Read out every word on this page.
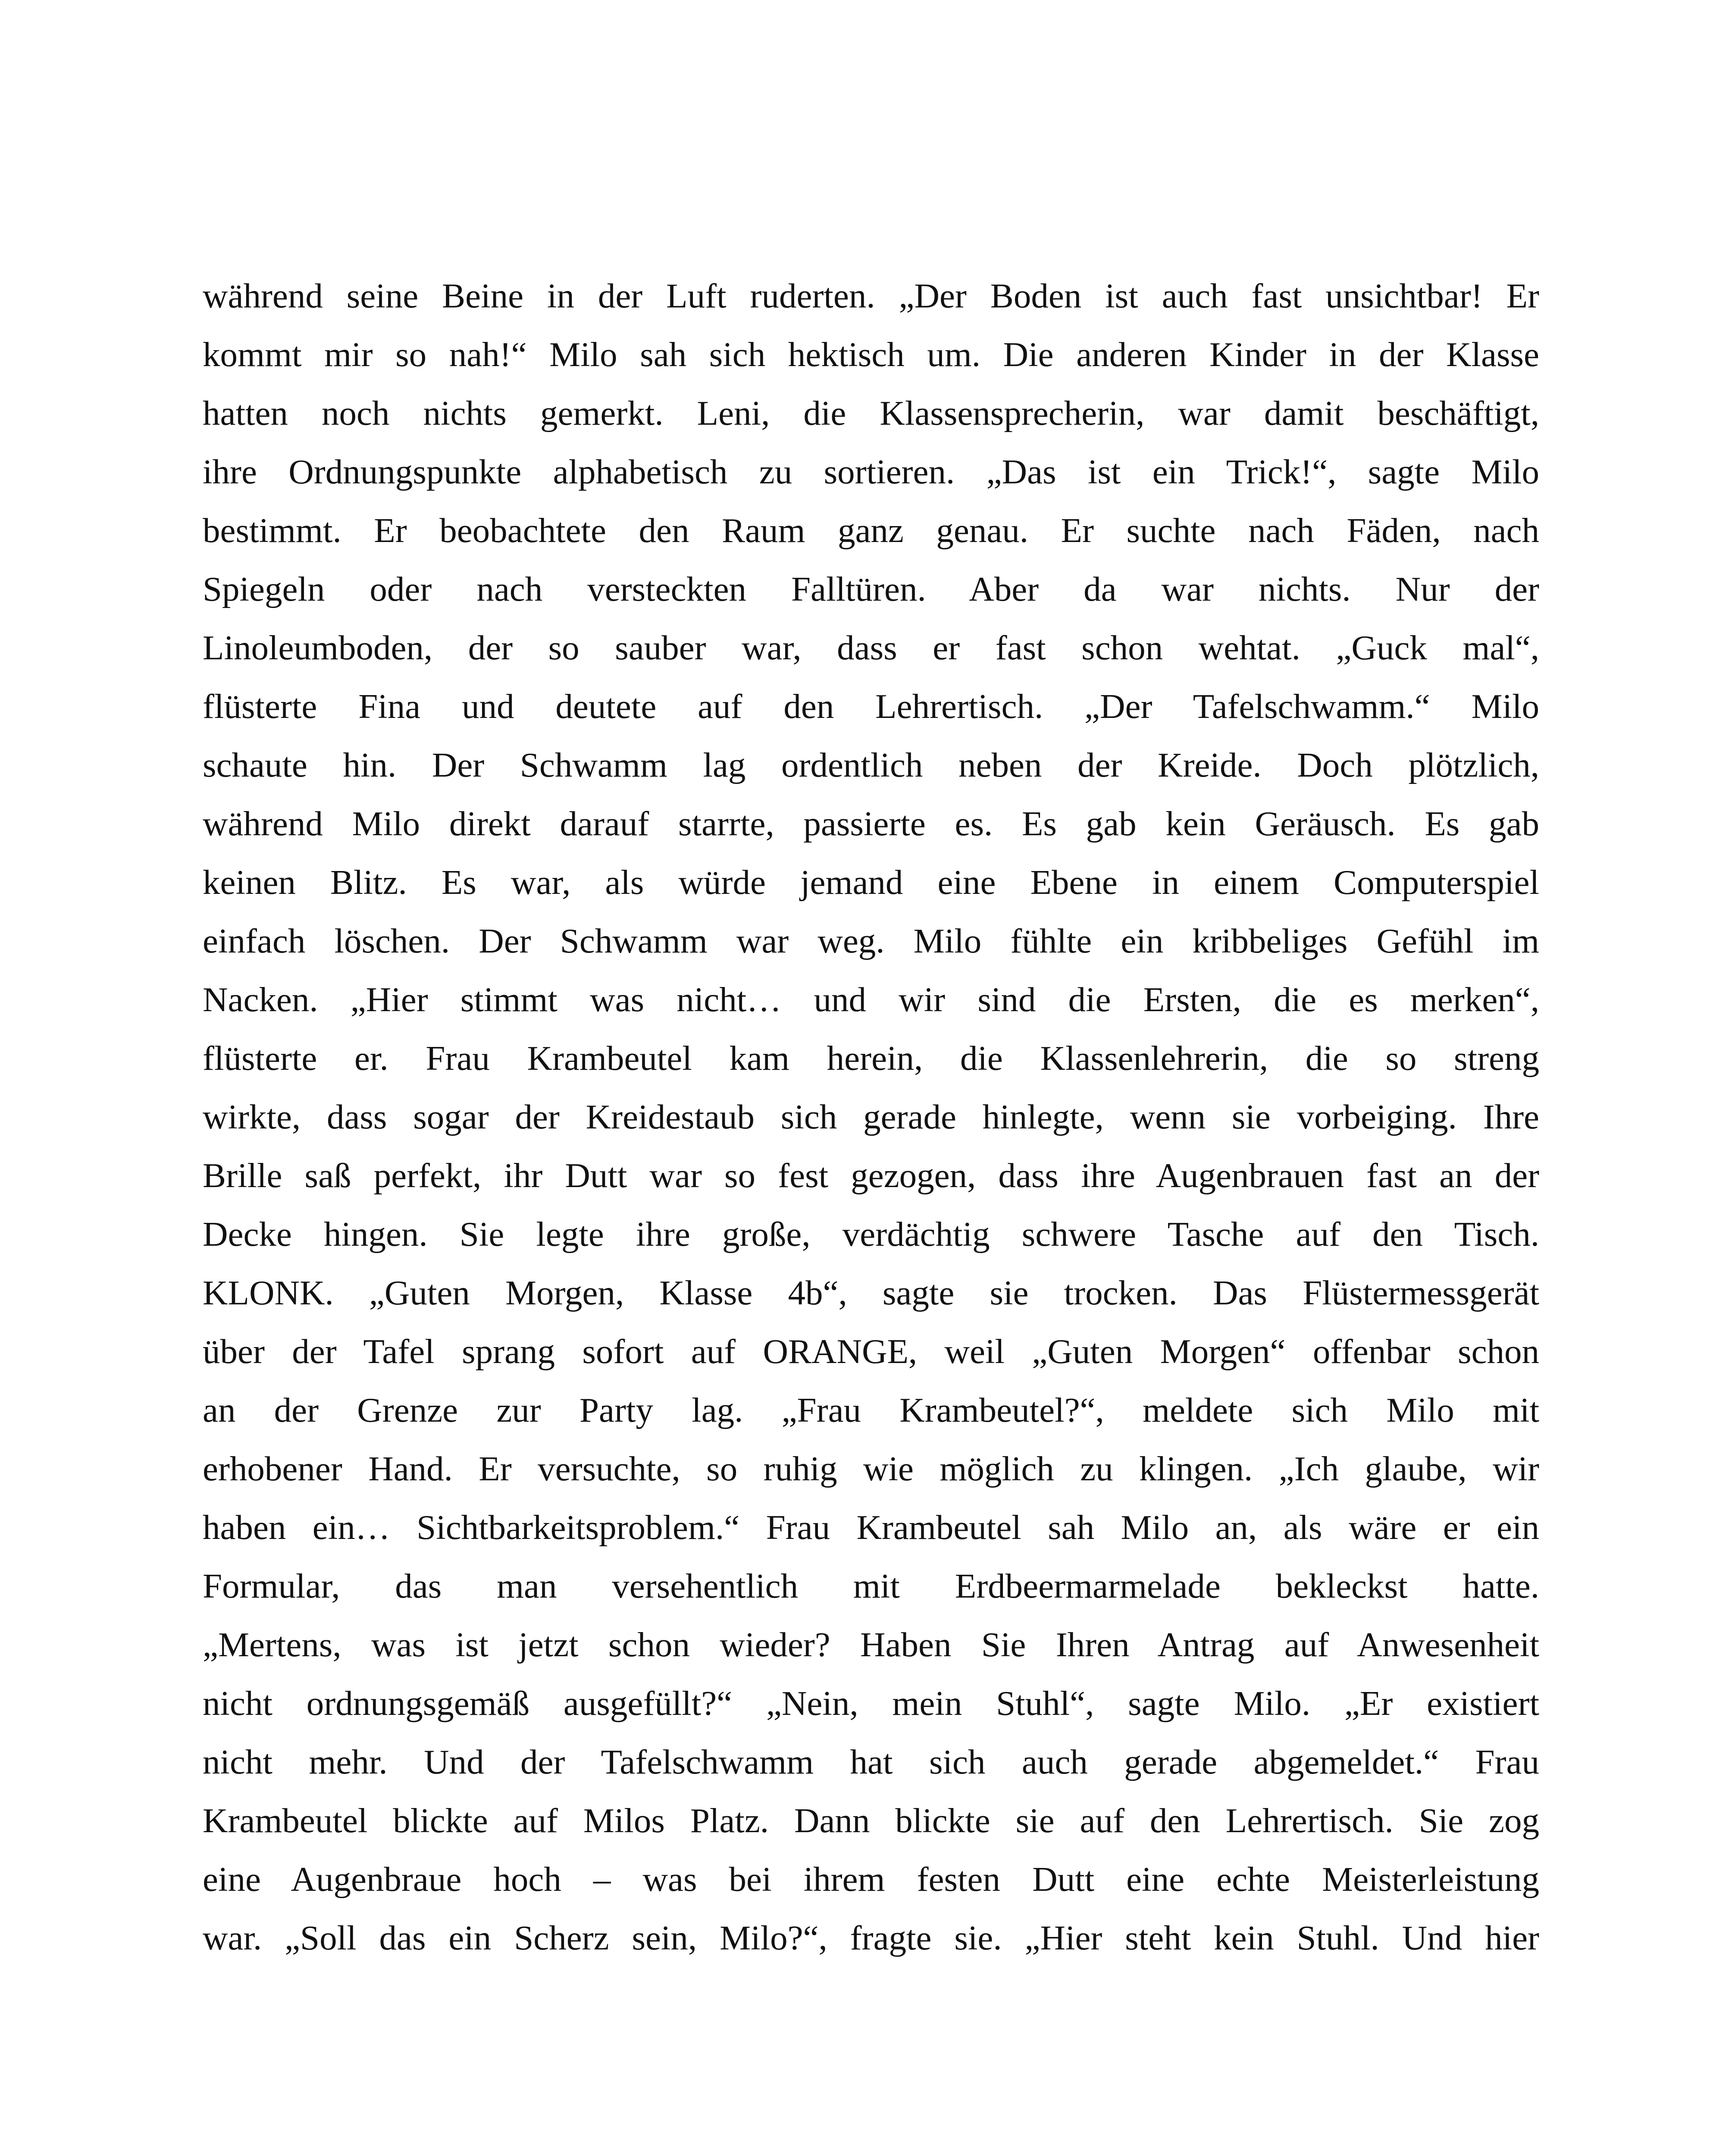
während seine Beine in der Luft ruderten. „Der Boden ist auch fast unsichtbar! Er
kommt mir so nah!“ Milo sah sich hektisch um. Die anderen Kinder in der Klasse
hatten noch nichts gemerkt. Leni, die Klassensprecherin, war damit beschäftigt,
ihre Ordnungspunkte alphabetisch zu sortieren. „Das ist ein Trick!“, sagte Milo
bestimmt. Er beobachtete den Raum ganz genau. Er suchte nach Fäden, nach
Spiegeln oder nach versteckten Falltüren. Aber da war nichts. Nur der
Linoleumboden, der so sauber war, dass er fast schon wehtat. „Guck mal“,
flüsterte Fina und deutete auf den Lehrertisch. „Der Tafelschwamm.“ Milo
schaute hin. Der Schwamm lag ordentlich neben der Kreide. Doch plötzlich,
während Milo direkt darauf starrte, passierte es. Es gab kein Geräusch. Es gab
keinen Blitz. Es war, als würde jemand eine Ebene in einem Computerspiel
einfach löschen. Der Schwamm war weg. Milo fühlte ein kribbeliges Gefühl im
Nacken. „Hier stimmt was nicht… und wir sind die Ersten, die es merken“,
flüsterte er. Frau Krambeutel kam herein, die Klassenlehrerin, die so streng
wirkte, dass sogar der Kreidestaub sich gerade hinlegte, wenn sie vorbeiging. Ihre
Brille saß perfekt, ihr Dutt war so fest gezogen, dass ihre Augenbrauen fast an der
Decke hingen. Sie legte ihre große, verdächtig schwere Tasche auf den Tisch.
KLONK. „Guten Morgen, Klasse 4b“, sagte sie trocken. Das Flüstermessgerät
über der Tafel sprang sofort auf ORANGE, weil „Guten Morgen“ offenbar schon
an der Grenze zur Party lag. „Frau Krambeutel?“, meldete sich Milo mit
erhobener Hand. Er versuchte, so ruhig wie möglich zu klingen. „Ich glaube, wir
haben ein… Sichtbarkeitsproblem.“ Frau Krambeutel sah Milo an, als wäre er ein
Formular, das man versehentlich mit Erdbeermarmelade bekleckst hatte.
„Mertens, was ist jetzt schon wieder? Haben Sie Ihren Antrag auf Anwesenheit
nicht ordnungsgemäß ausgefüllt?“ „Nein, mein Stuhl“, sagte Milo. „Er existiert
nicht mehr. Und der Tafelschwamm hat sich auch gerade abgemeldet.“ Frau
Krambeutel blickte auf Milos Platz. Dann blickte sie auf den Lehrertisch. Sie zog
eine Augenbraue hoch – was bei ihrem festen Dutt eine echte Meisterleistung
war. „Soll das ein Scherz sein, Milo?“, fragte sie. „Hier steht kein Stuhl. Und hier
